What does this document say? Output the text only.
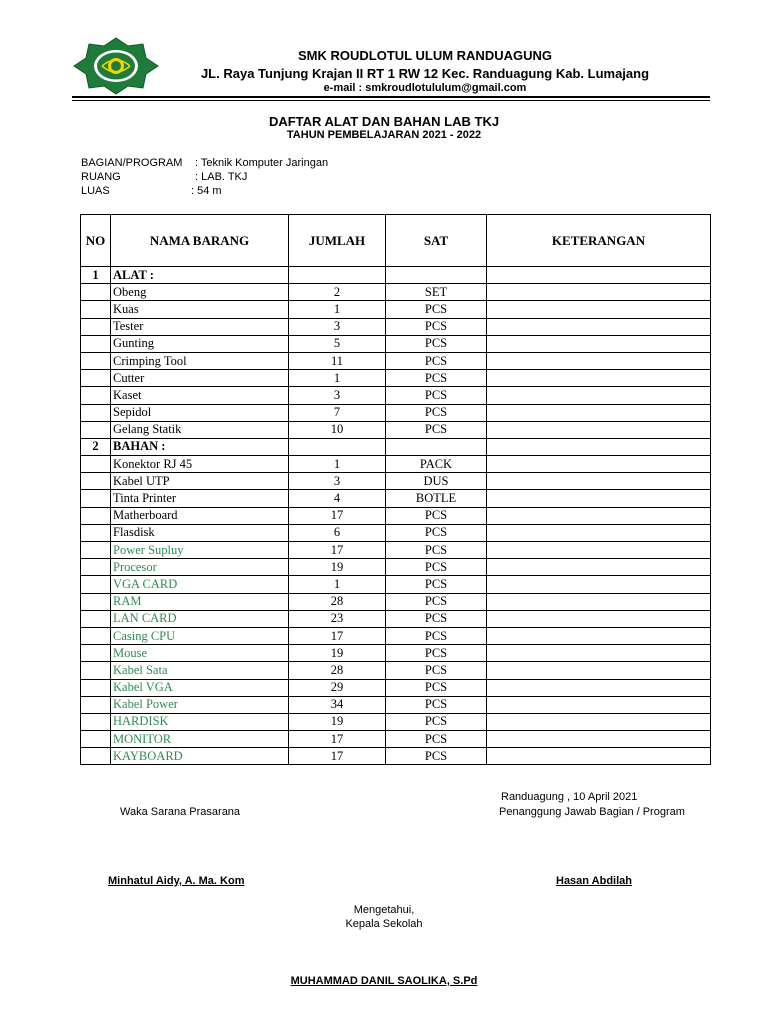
SMK ROUDLOTUL ULUM RANDUAGUNG
JL. Raya Tunjung Krajan II RT 1 RW 12 Kec. Randuagung Kab. Lumajang
e-mail : smkroudlotululum@gmail.com
DAFTAR ALAT DAN BAHAN LAB TKJ
TAHUN PEMBELAJARAN 2021 - 2022
BAGIAN/PROGRAM : Teknik Komputer Jaringan
RUANG	: LAB. TKJ
LUAS	: 54 m
NO	NAMA BARANG	JUMLAH	SAT	KETERANGAN
1	ALAT :			
	Obeng	2	SET	
	Kuas	1	PCS	
	Tester	3	PCS	
	Gunting	5	PCS	
	Crimping Tool	11	PCS	
	Cutter	1	PCS	
	Kaset	3	PCS	
	Sepidol	7	PCS	
	Gelang Statik	10	PCS	
2	BAHAN :			
	Konektor RJ 45	1	PACK	
	Kabel UTP	3	DUS	
	Tinta Printer	4	BOTLE	
	Matherboard	17	PCS	
	Flasdisk	6	PCS	
	Power Supluy	17	PCS	
	Procesor	19	PCS	
	VGA CARD	1	PCS	
	RAM	28	PCS	
	LAN CARD	23	PCS	
	Casing CPU	17	PCS	
	Mouse	19	PCS	
	Kabel Sata	28	PCS	
	Kabel VGA	29	PCS	
	Kabel Power	34	PCS	
	HARDISK	19	PCS	
	MONITOR	17	PCS	
	KAYBOARD	17	PCS	
Randuagung , 10 April 2021
Waka Sarana Prasarana	Penanggung Jawab Bagian / Program
Minhatul Aidy, A. Ma. Kom	Hasan Abdilah
Mengetahui,
Kepala Sekolah
MUHAMMAD DANIL SAOLIKA, S.Pd
